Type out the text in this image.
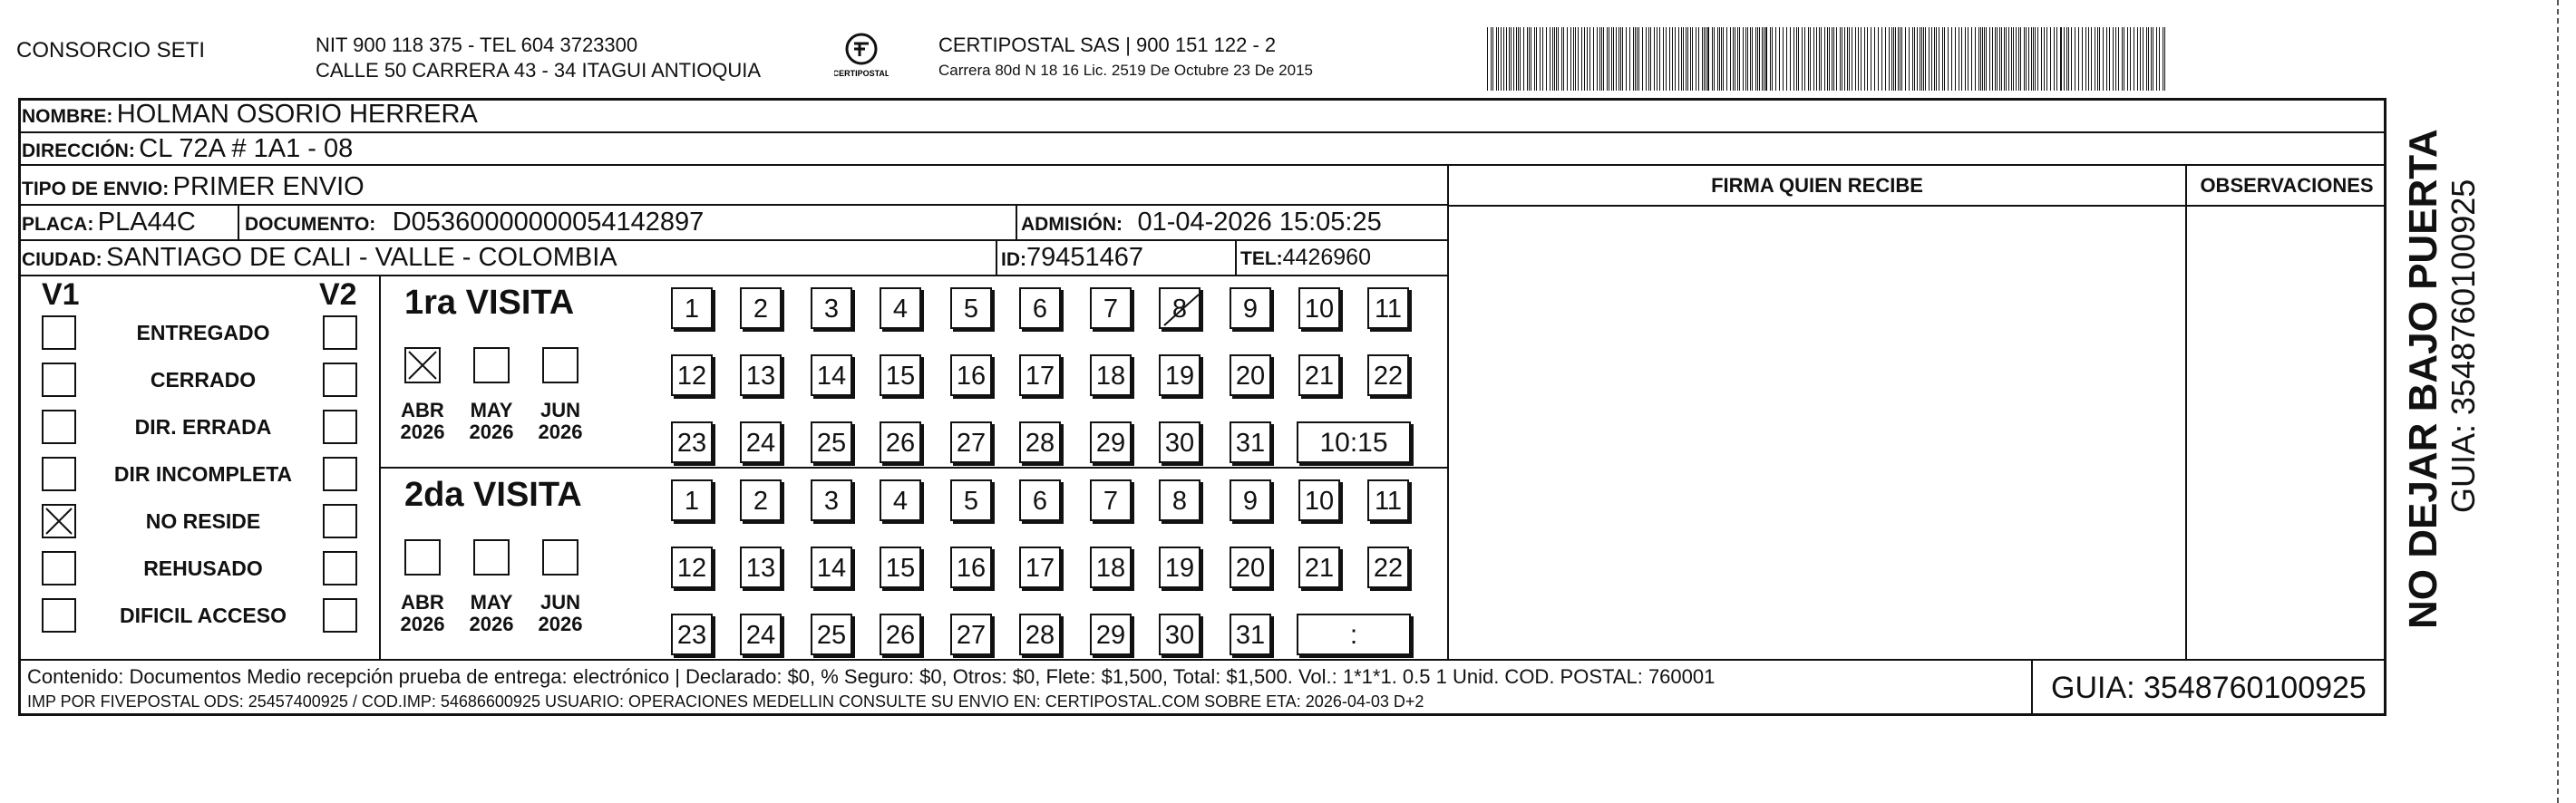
CONSORCIO SETI	NIT 900 118 375 - TEL 604 3723300
CALLE 50 CARRERA 43 - 34 ITAGUI ANTIOQUIA	CERTIPOSTAL
CERTIPOSTAL SAS | 900 151 122 - 2
Carrera 80d N 18 16 Lic. 2519 De Octubre 23 De 2015
NOMBRE: HOLMAN OSORIO HERRERA
DIRECCIÓN: CL 72A # 1A1 - 08
TIPO DE ENVIO: PRIMER ENVIO
PLACA: PLA44C	DOCUMENTO: D05360000000054142897	ADMISIÓN: 01-04-2026 15:05:25
CIUDAD: SANTIAGO DE CALI - VALLE - COLOMBIA	ID:79451467	TEL:4426960
FIRMA QUIEN RECIBE	OBSERVACIONES
V1	V2
ENTREGADO
CERRADO
DIR. ERRADA
DIR INCOMPLETA
NO RESIDE
REHUSADO
DIFICIL ACCESO
1ra VISITA
ABR
2026
MAY
2026
JUN
2026
1	2	3	4	5	6	7	8	9	10 11
12 13 14 15 16 17 18 19 20 21 22
23 24 25 26 27 28 29 30 31	10:15
2da VISITA
ABR
2026
MAY
2026
JUN
2026
1	2	3	4	5	6	7	8	9	10 11
12 13 14 15 16 17 18 19 20 21 22
23 24 25 26 27 28 29 30 31	:
Contenido: Documentos Medio recepción prueba de entrega: electrónico | Declarado: $0, % Seguro: $0, Otros: $0, Flete: $1,500, Total: $1,500. Vol.: 1*1*1. 0.5 1 Unid. COD. POSTAL: 760001
IMP POR FIVEPOSTAL ODS: 25457400925 / COD.IMP: 54686600925 USUARIO: OPERACIONES MEDELLIN CONSULTE SU ENVIO EN: CERTIPOSTAL.COM SOBRE ETA: 2026-04-03 D+2	GUIA: 3548760100925
NO DEJAR BAJO PUERTA GUIA: 3548760100925
